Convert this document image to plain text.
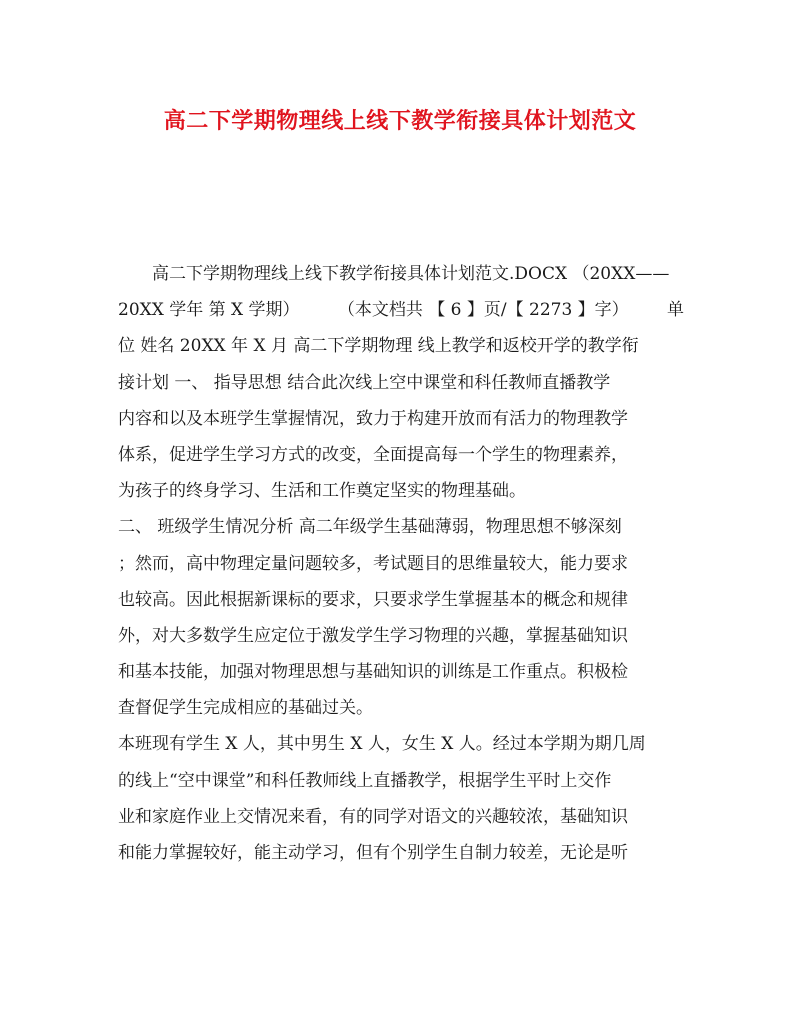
高二下学期物理线上线下教学衔接具体计划范文
高二下学期物理线上线下教学衔接具体计划范文.DOCX （20XX——
20XX 学年 第 X 学期） （本文档共 【 6 】页/【 2273 】字） 单
位 姓名 20XX 年 X 月 高二下学期物理 线上教学和返校开学的教学衔
接计划 一、 指导思想 结合此次线上空中课堂和科任教师直播教学
内容和以及本班学生掌握情况，致力于构建开放而有活力的物理教学
体系，促进学生学习方式的改变，全面提高每一个学生的物理素养，
为孩子的终身学习、生活和工作奠定坚实的物理基础。
二、 班级学生情况分析 高二年级学生基础薄弱，物理思想不够深刻
；然而，高中物理定量问题较多，考试题目的思维量较大，能力要求
也较高。因此根据新课标的要求，只要求学生掌握基本的概念和规律
外，对大多数学生应定位于激发学生学习物理的兴趣，掌握基础知识
和基本技能，加强对物理思想与基础知识的训练是工作重点。积极检
查督促学生完成相应的基础过关。
本班现有学生 X 人，其中男生 X 人，女生 X 人。经过本学期为期几周
的线上“空中课堂”和科任教师线上直播教学，根据学生平时上交作
业和家庭作业上交情况来看，有的同学对语文的兴趣较浓，基础知识
和能力掌握较好，能主动学习，但有个别学生自制力较差，无论是听
